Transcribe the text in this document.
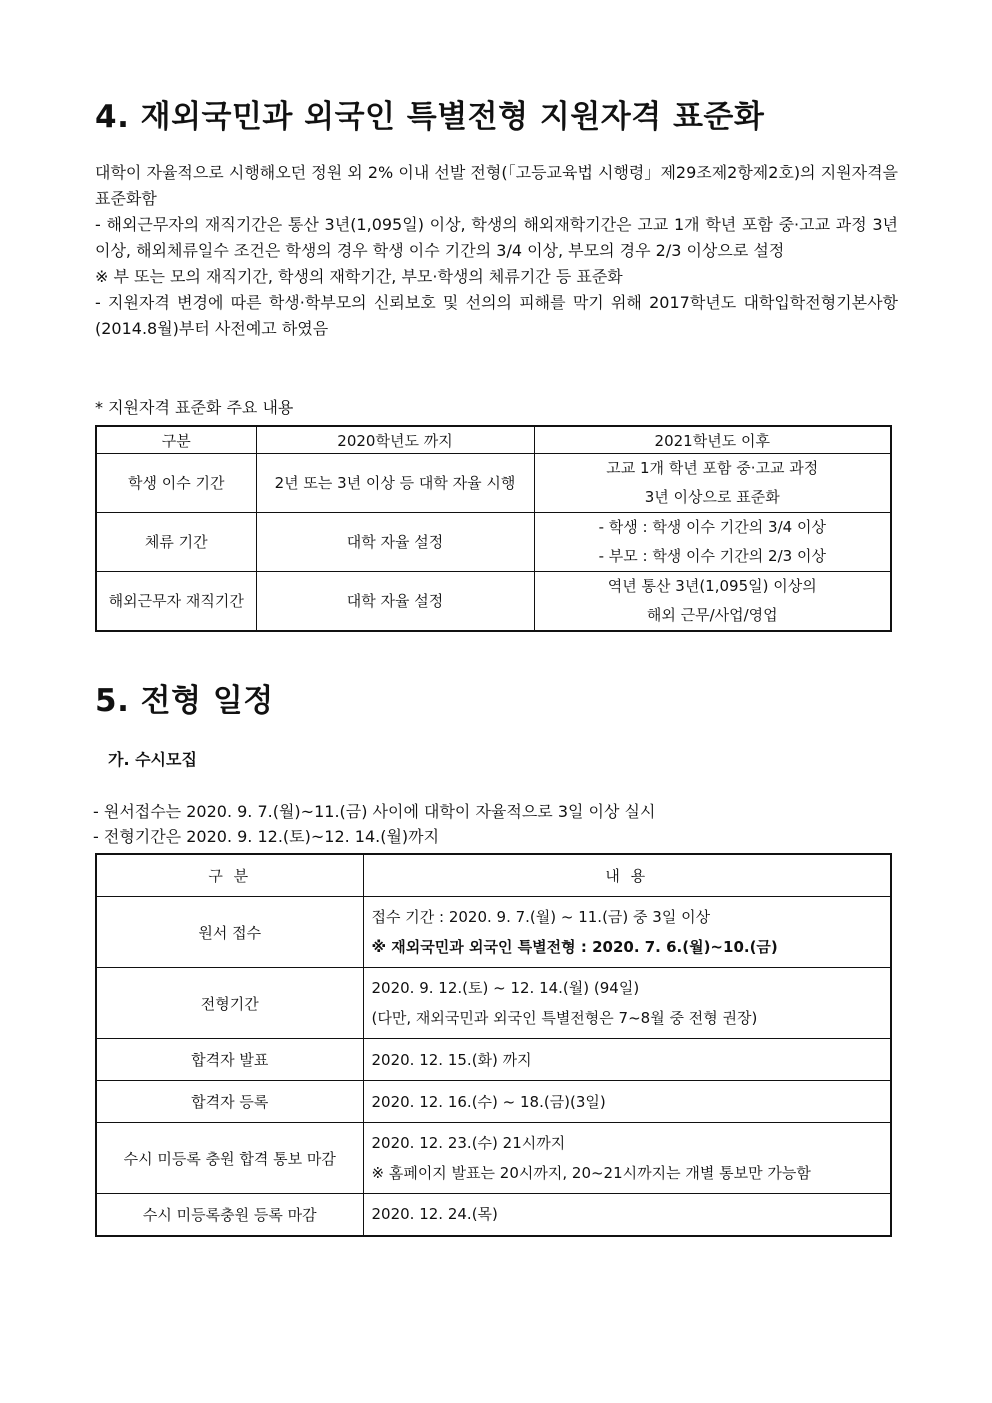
4. 재외국민과 외국인 특별전형 지원자격 표준화

대학이 자율적으로 시행해오던 정원 외 2% 이내 선발 전형(「고등교육법 시행령」제29조제2항제2호)의 지원자격을 표준화함

- 해외근무자의 재직기간은 통산 3년(1,095일) 이상, 학생의 해외재학기간은 고교 1개 학년 포함 중·고교 과정 3년 이상, 해외체류일수 조건은 학생의 경우 학생 이수 기간의 3/4 이상, 부모의 경우 2/3 이상으로 설정

※ 부 또는 모의 재직기간, 학생의 재학기간, 부모·학생의 체류기간 등 표준화

- 지원자격 변경에 따른 학생·학부모의 신뢰보호 및 선의의 피해를 막기 위해 2017학년도 대학입학전형기본사항(2014.8월)부터 사전예고 하였음

* 지원자격 표준화 주요 내용
구분	2020학년도 까지	2021학년도 이후
학생 이수 기간	2년 또는 3년 이상 등 대학 자율 시행	고교 1개 학년 포함 중·고교 과정
3년 이상으로 표준화

체류 기간	대학 자율 설정	- 학생 : 학생 이수 기간의 3/4 이상
- 부모 : 학생 이수 기간의 2/3 이상

해외근무자 재직기간	대학 자율 설정	역년 통산 3년(1,095일) 이상의
해외 근무/사업/영업
5. 전형 일정
가. 수시모집

- 원서접수는 2020. 9. 7.(월)~11.(금) 사이에 대학이 자율적으로 3일 이상 실시

- 전형기간은 2020. 9. 12.(토)~12. 14.(월)까지

구 분	내 용
원서 접수	접수 기간 : 2020. 9. 7.(월) ~ 11.(금) 중 3일 이상
※ 재외국민과 외국인 특별전형 : 2020. 7. 6.(월)~10.(금)

전형기간	2020. 9. 12.(토) ~ 12. 14.(월) (94일)
(다만, 재외국민과 외국인 특별전형은 7~8월 중 전형 권장)

합격자 발표	2020. 12. 15.(화) 까지

합격자 등록	2020. 12. 16.(수) ~ 18.(금)(3일)

수시 미등록 충원 합격 통보 마감	2020. 12. 23.(수) 21시까지
※ 홈페이지 발표는 20시까지, 20~21시까지는 개별 통보만 가능함

수시 미등록충원 등록 마감	2020. 12. 24.(목)
